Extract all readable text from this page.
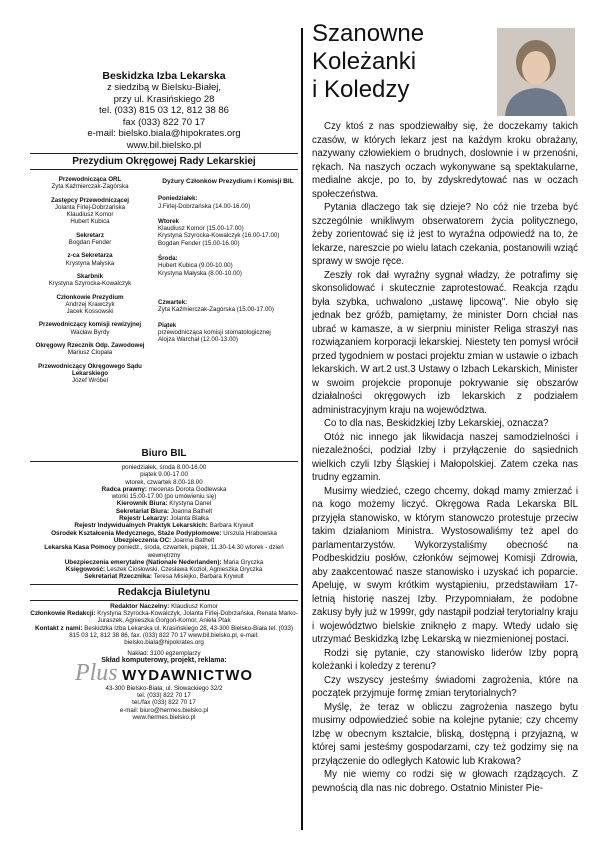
Beskidzka Izba Lekarska
z siedzibą w Bielsku-Białej,
przy ul. Krasińskiego 28
tel. (033) 815 03 12, 812 38 86
fax (033) 822 70 17
e-mail: bielsko.biala@hipokrates.org
www.bil.bielsko.pl
Prezydium Okręgowej Rady Lekarskiej
Przewodnicząca ORL
Zyta Kaźmierczak-Zagórska
Zastępcy Przewodniczącej
Jolanta Firlej-Dobrzańska
Klaudiusz Komor
Hubert Kubica
Sekretarz
Bogdan Fender
z-ca Sekretarza
Krystyna Małyska
Skarbnik
Krystyna Szyrocka-Kowalczyk
Członkowie Prezydium
Andrzej Krawczyk
Jacek Kossowski
Przewodniczący komisji rewizyjnej
Wacław Byrdy
Okręgowy Rzecznik Odp. Zawodowej
Mariusz Ciopała
Przewodniczący Okręgowego Sądu Lekarskiego
Józef Wróbel
Dyżury Członków Prezydium i Komisji BIL
Poniedziałek:
J.Firlej-Dobrzańska (14.00-16.00)
Wtorek
Klaudiusz Komor (15.00-17.00)
Krystyna Szyrocka-Kowalczyk (16.00-17.00)
Bogdan Fender (15.00-16.00)
Środa:
Hubert Kubica (9.00-10.00)
Krystyna Małyska (8.00-10.00)
Czwartek:
Zyta Kaźmierczak-Zagórska (15.00-17.00)
Piątek
przewodnicząca komisji stomatologicznej
Alojza Warchał (12.00-13.00)
Biuro BIL
poniedziałek, środa 8.00-16.00
piątek 9.00-17.00
wtorek, czwartek 8.00-18.00
Radca prawny: mecenas Dorota Godlewska
wtorki 15.00-17.00 (po umówieniu się)
Kierownik Biura: Krystyna Danel
Sekretariat Biura: Joanna Bathelt
Rejestr Lekarzy: Jolanta Białka
Rejestr Indywidualnych Praktyk Lekarskich: Barbara Krywult
Ośrodek Kształcenia Medycznego, Staże Podyplomowe: Urszula Hrabowska
Ubezpieczenia OC: Joanna Bathelt
Lekarska Kasa Pomocy poniedz., środa, czwartek, piątek, 11.30-14.30 wtorek - dzień wewnętrzny
Ubezpieczenia emerytalne (Nationale Nederlanden): Maria Gryczka
Księgowość: Leszek Ciosłowski, Czesława Kozioł, Agnieszka Gryczka
Sekretariat Rzecznika: Teresa Misiejko, Barbara Krywult
Redakcja Biuletynu
Redaktor Naczelny: Klaudiusz Komor
Członkowie Redakcji: Krystyna Szyrocka-Kowalczyk, Jolanta Firlej-Dobrzańska, Renata Marko-Juraszek, Agnieszka Gorgoń-Komor, Aniela Ptak
Kontakt z nami: Beskidzka Izba Lekarska ul. Krasińskiego 28, 43-300 Bielsko-Biała tel. (033) 815 03 12, 812 38 86, fax. (033) 822 70 17 www.bil.bielsko.pl, e-mail: bielsko.biala@hipokrates.org
Nakład: 3100 egzemplarzy
Skład komputerowy, projekt, reklama:
Plus WYDAWNICTWO
43-300 Bielsko-Biała, ul. Słowackiego 32/2
tel. (033) 822 70 17
tel./fax (033) 822 70 17
e-mail: biuro@hermes.bielsko.pl
www.hermes.bielsko.pl
Szanowne
Koleżanki
i Koledzy

Czy ktoś z nas spodziewałby się, że doczekamy takich czasów, w których lekarz jest na każdym kroku obrażany, nazywany człowiekiem o brudnych, doslownie i w przenośni, rękach. Na naszych oczach wykonywane są spektakularne, medialne akcje, po to, by zdyskredytować nas w oczach społeczeństwa.

Pytania dlaczego tak się dzieje? No cóż nie trzeba być szczególnie wnikliwym obserwatorem życia politycznego, żeby zorientować się iż jest to wyraźna odpowiedź na to, że lekarze, nareszcie po wielu latach czekania, postanowili wziąć sprawy w swoje ręce.

Zeszły rok dał wyraźny sygnał władzy, że potrafimy się skonsolidować i skutecznie zaprotestować. Reakcja rządu była szybka, uchwalono „ustawę lipcową". Nie obyło się jednak bez gróźb, pamiętamy, że minister Dorn chciał nas ubrać w kamasze, a w sierpniu minister Religa straszył nas rozwiązaniem korporacji lekarskiej. Niestety ten pomysł wrócił przed tygodniem w postaci projektu zmian w ustawie o izbach lekarskich. W art.2 ust.3 Ustawy o Izbach Lekarskich, Minister w swoim projekcie proponuje pokrywanie się obszarów działalności okręgowych izb lekarskich z podziałem administracyjnym kraju na województwa.

Co to dla nas, Beskidzkiej Izby Lekarskiej, oznacza?

Otóż nic innego jak likwidacja naszej samodzielności i niezależności, podział Izby i przyłączenie do sąsiednich wielkich czyli Izby Śląskiej i Małopolskiej. Zatem czeka nas trudny egzamin.

Musimy wiedzieć, czego chcemy, dokąd mamy zmierzać i na kogo możemy liczyć. Okręgowa Rada Lekarska BIL przyjęła stanowisko, w którym stanowczo protestuje przeciw takim działaniom Ministra. Wystosowaliśmy też apel do parlamentarzystów. Wykorzystaliśmy obecność na Podbeskidziu posłów, członków sejmowej Komisji Zdrowia, aby zaakcentować nasze stanowisko i uzyskać ich poparcie. Apeluję, w swym krótkim wystąpieniu, przedstawiłam 17-letnią historię naszej Izby. Przypomniałam, że podobne zakusy były już w 1999r, gdy nastąpił podział terytorialny kraju i województwo bielskie zniknęło z mapy. Wtedy udało się utrzymać Beskidzką Izbę Lekarską w niezmienionej postaci.

Rodzi się pytanie, czy stanowisko liderów Izby poprą koleżanki i koledzy z terenu?

Czy wszyscy jesteśmy świadomi zagrożenia, które na początek przyjmuje formę zmian terytorialnych?

Myślę, że teraz w obliczu zagrożenia naszego bytu musimy odpowiedzieć sobie na kolejne pytanie; czy chcemy Izbę w obecnym kształcie, bliską, dostępną i przyjazną, w której sami jesteśmy gospodarzami, czy też godzimy się na przyłączenie do odległych Katowic lub Krakowa?

My nie wiemy co rodzi się w głowach rządzących. Z pewnością dla nas nic dobrego. Ostatnio Minister Pie-
